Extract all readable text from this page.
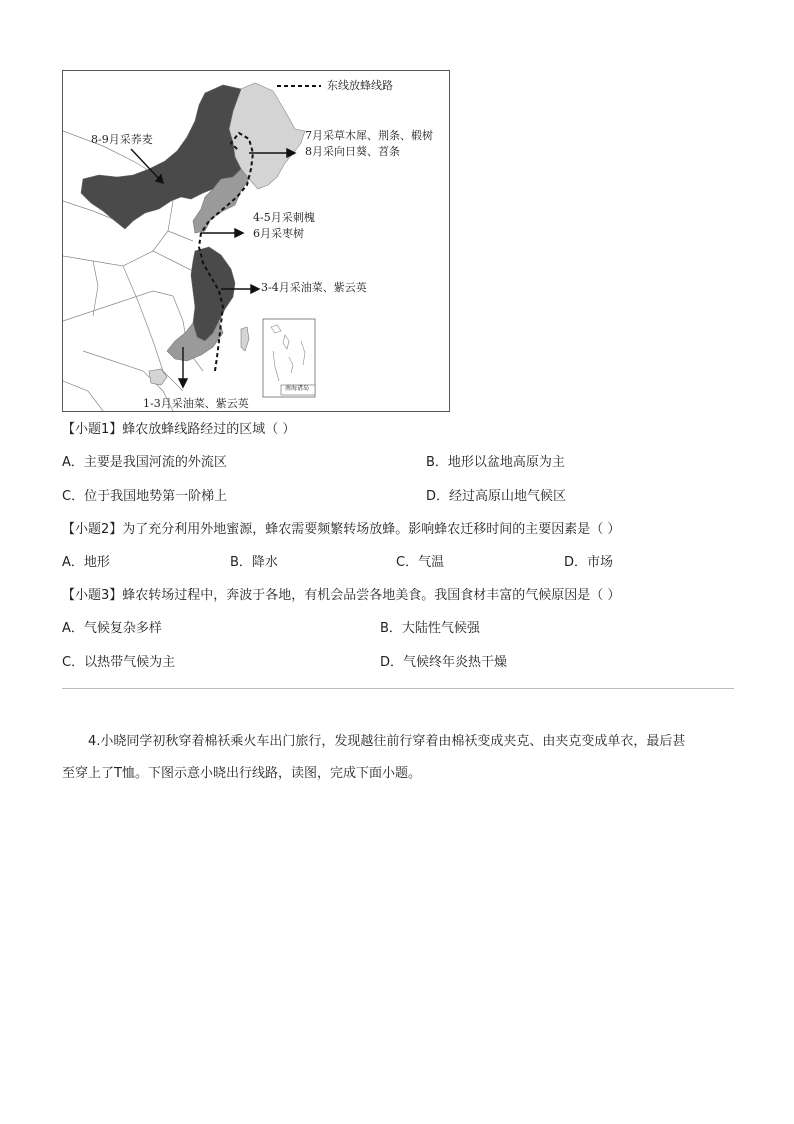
东线放蜂线路
8-9月采荞麦	7月采草木犀、荆条、椴树
8月采向日葵、苕条
4-5月采刺槐
6月采枣树
3-4月采油菜、紫云英
1-3月采油菜、紫云英
南海诸岛
【小题1】蜂农放蜂线路经过的区域（ ）
A．主要是我国河流的外流区	B．地形以盆地高原为主
C．位于我国地势第一阶梯上	D．经过高原山地气候区
【小题2】为了充分利用外地蜜源，蜂农需要频繁转场放蜂。影响蜂农迁移时间的主要因素是（ ）
A．地形	B．降水	C．气温	D．市场
【小题3】蜂农转场过程中，奔波于各地，有机会品尝各地美食。我国食材丰富的气候原因是（ ）
A．气候复杂多样	B．大陆性气候强
C．以热带气候为主	D．气候终年炎热干燥
4.小晓同学初秋穿着棉袄乘火车出门旅行，发现越往前行穿着由棉袄变成夹克、由夹克变成单衣，最后甚
至穿上了T恤。下图示意小晓出行线路，读图，完成下面小题。
